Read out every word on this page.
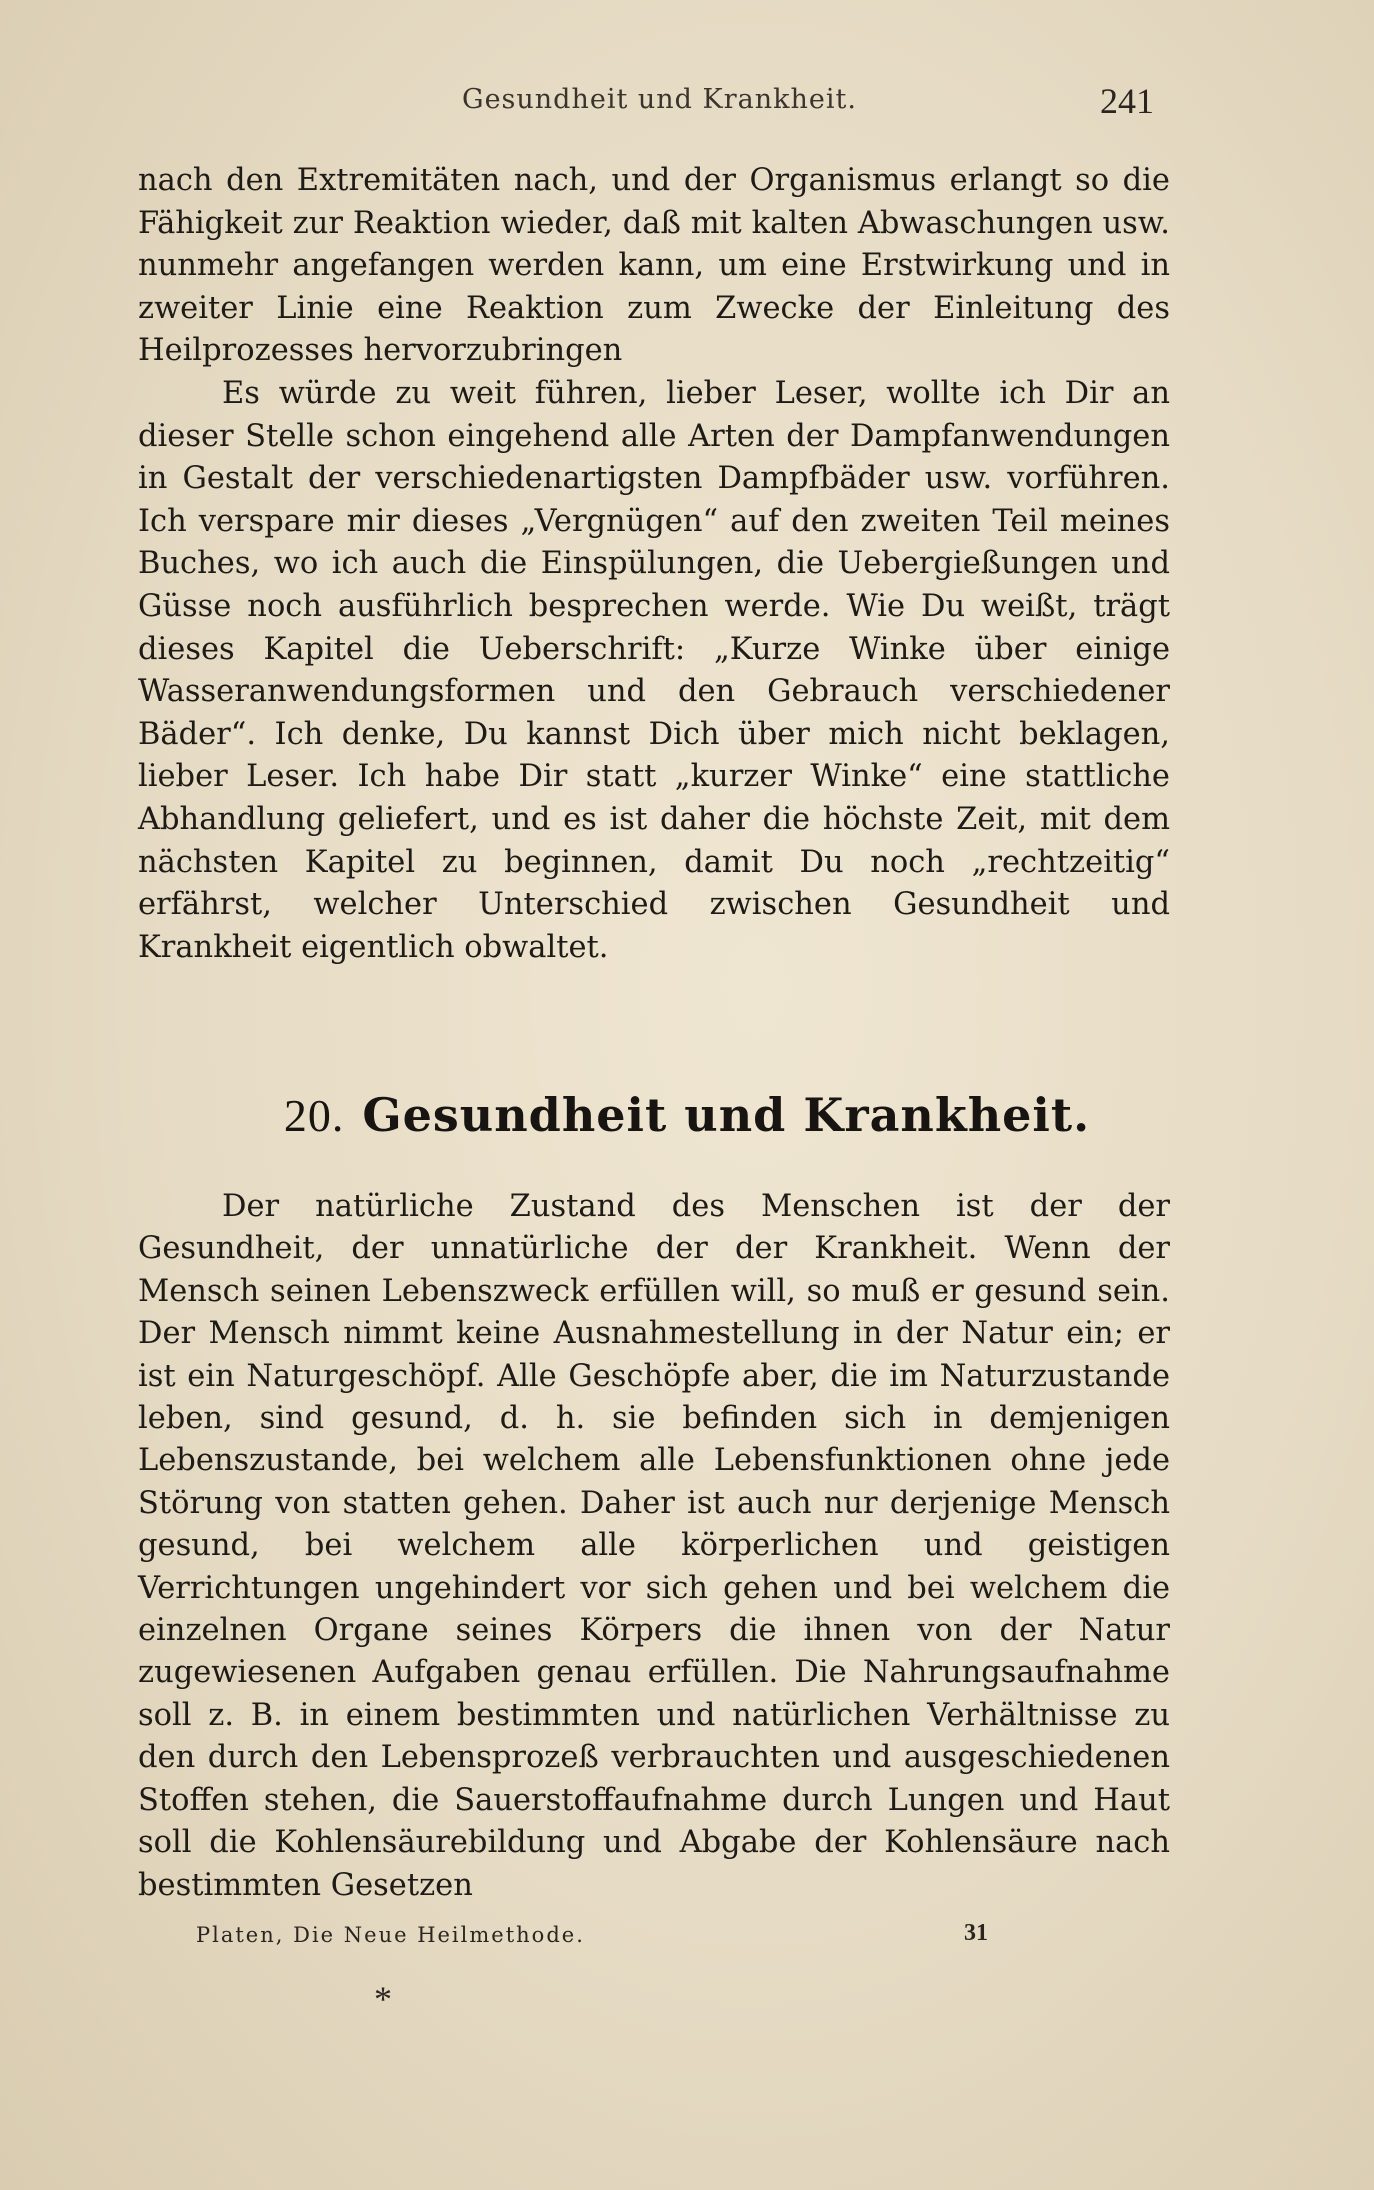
Gesundheit und Krankheit.	241

nach den Extremitäten nach, und der Organismus erlangt so die Fähigkeit zur Reaktion wieder, daß mit kalten Abwaschungen usw. nunmehr angefangen werden kann, um eine Erstwirkung und in zweiter Linie eine Reaktion zum Zwecke der Einleitung des Heilprozesses hervorzubringen

Es würde zu weit führen, lieber Leser, wollte ich Dir an dieser Stelle schon eingehend alle Arten der Dampfanwendungen in Gestalt der verschiedenartigsten Dampfbäder usw. vorführen. Ich verspare mir dieses „Vergnügen“ auf den zweiten Teil meines Buches, wo ich auch die Einspülungen, die Uebergießungen und Güsse noch ausführlich besprechen werde. Wie Du weißt, trägt dieses Kapitel die Ueberschrift: „Kurze Winke über einige Wasseranwendungsformen und den Gebrauch verschiedener Bäder“. Ich denke, Du kannst Dich über mich nicht beklagen, lieber Leser. Ich habe Dir statt „kurzer Winke“ eine stattliche Abhandlung geliefert, und es ist daher die höchste Zeit, mit dem nächsten Kapitel zu beginnen, damit Du noch „rechtzeitig“ erfährst, welcher Unterschied zwischen Gesundheit und Krankheit eigentlich obwaltet.

20. Gesundheit und Krankheit.

Der natürliche Zustand des Menschen ist der der Gesundheit, der unnatürliche der der Krankheit. Wenn der Mensch seinen Lebenszweck erfüllen will, so muß er gesund sein. Der Mensch nimmt keine Ausnahmestellung in der Natur ein; er ist ein Naturgeschöpf. Alle Geschöpfe aber, die im Naturzustande leben, sind gesund, d. h. sie befinden sich in demjenigen Lebenszustande, bei welchem alle Lebensfunktionen ohne jede Störung von statten gehen. Daher ist auch nur derjenige Mensch gesund, bei welchem alle körperlichen und geistigen Verrichtungen ungehindert vor sich gehen und bei welchem die einzelnen Organe seines Körpers die ihnen von der Natur zugewiesenen Aufgaben genau erfüllen. Die Nahrungsaufnahme soll z. B. in einem bestimmten und natürlichen Verhältnisse zu den durch den Lebensprozeß verbrauchten und ausgeschiedenen Stoffen stehen, die Sauerstoffaufnahme durch Lungen und Haut soll die Kohlensäurebildung und Abgabe der Kohlensäure nach bestimmten Gesetzen

Platen, Die Neue Heilmethode.	31
*
